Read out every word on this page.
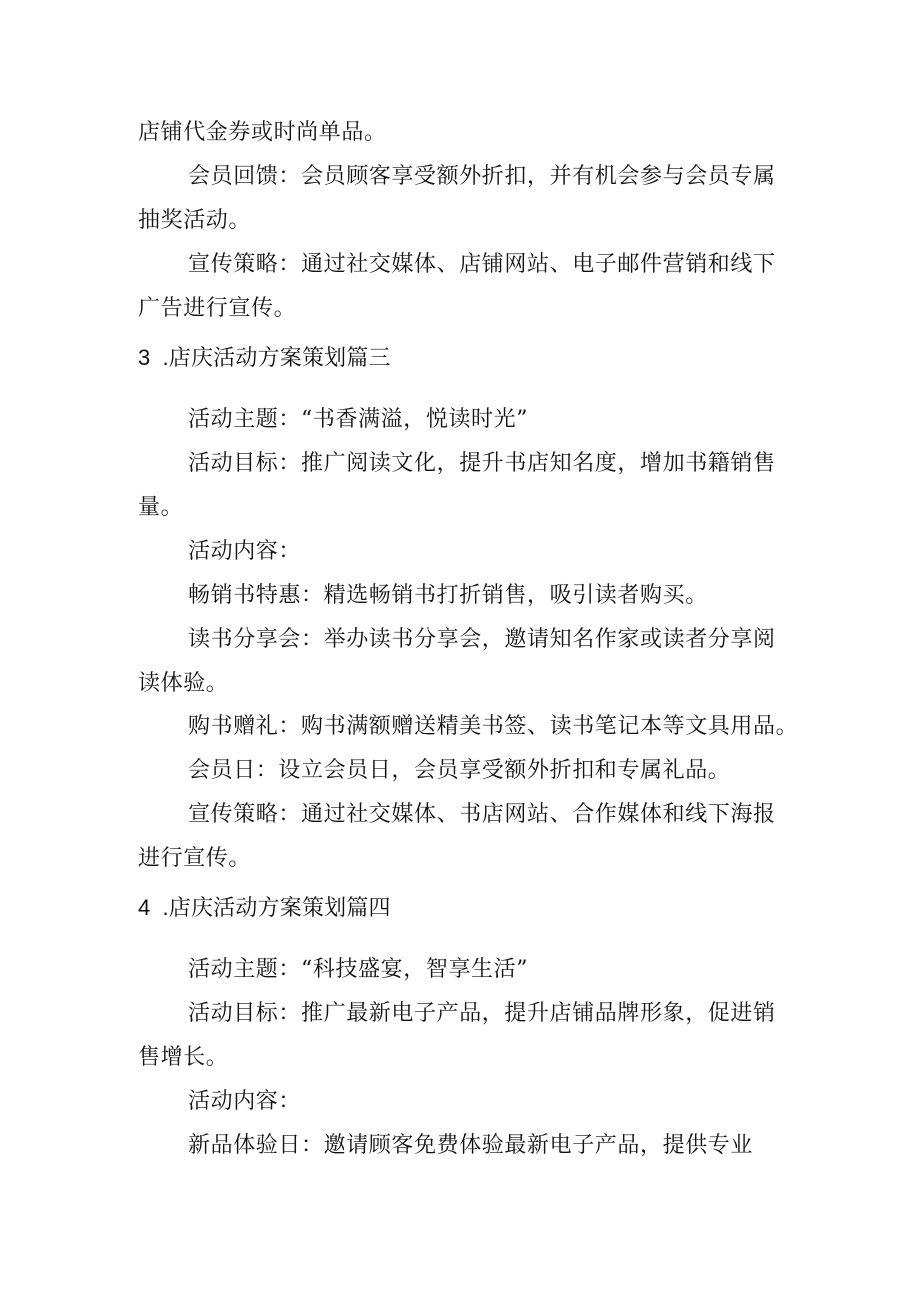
店铺代金券或时尚单品。
会员回馈：会员顾客享受额外折扣，并有机会参与会员专属
抽奖活动。
宣传策略：通过社交媒体、店铺网站、电子邮件营销和线下
广告进行宣传。
3 .店庆活动方案策划篇三
活动主题：“书香满溢，悦读时光”
活动目标：推广阅读文化，提升书店知名度，增加书籍销售
量。
活动内容：
畅销书特惠：精选畅销书打折销售，吸引读者购买。
读书分享会：举办读书分享会，邀请知名作家或读者分享阅
读体验。
购书赠礼：购书满额赠送精美书签、读书笔记本等文具用品。
会员日：设立会员日，会员享受额外折扣和专属礼品。
宣传策略：通过社交媒体、书店网站、合作媒体和线下海报
进行宣传。
4 .店庆活动方案策划篇四
活动主题：“科技盛宴，智享生活”
活动目标：推广最新电子产品，提升店铺品牌形象，促进销
售增长。
活动内容：
新品体验日：邀请顾客免费体验最新电子产品，提供专业
